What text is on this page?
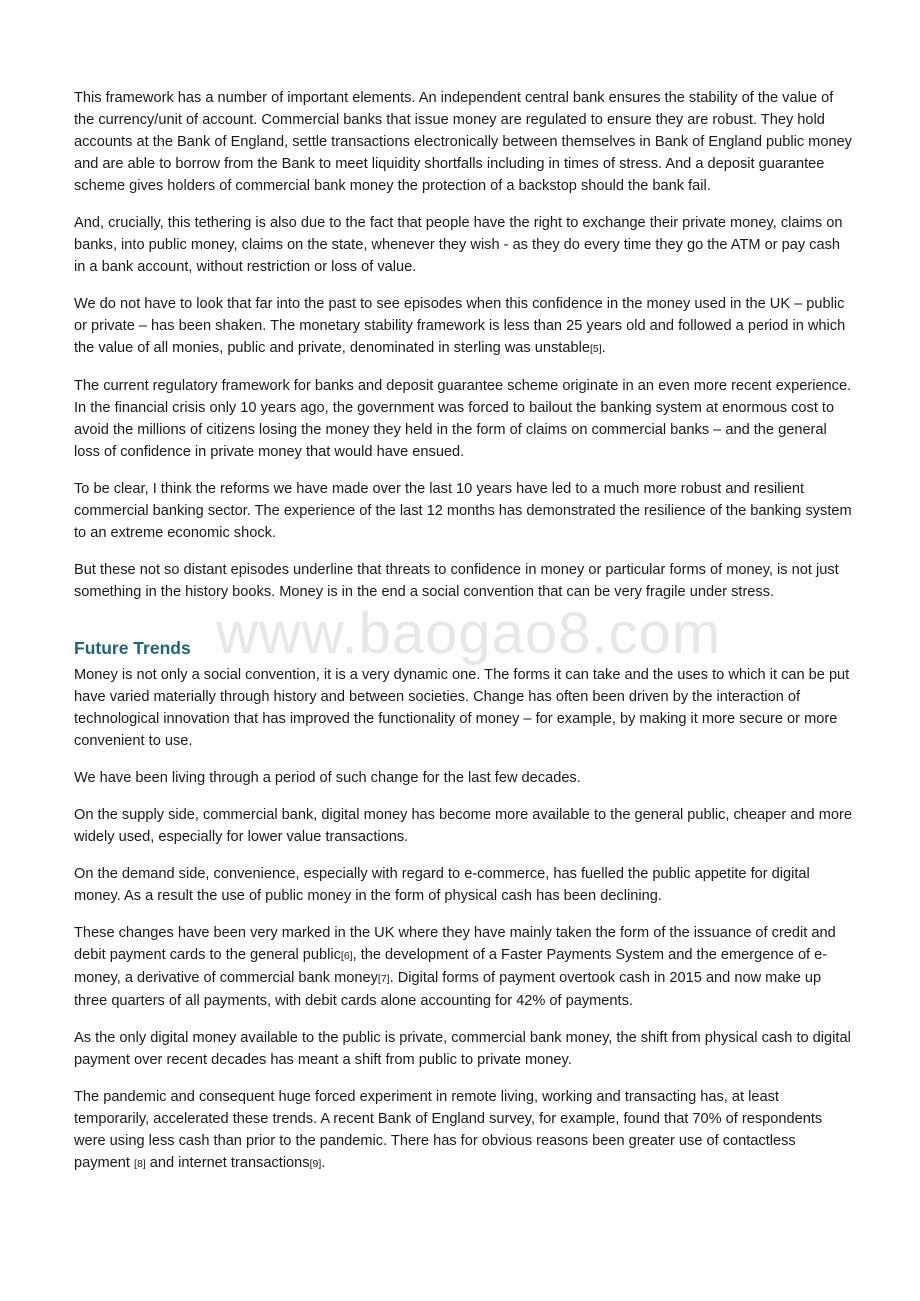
www.baogao8.com

This framework has a number of important elements. An independent central bank ensures the stability of the value of the currency/unit of account. Commercial banks that issue money are regulated to ensure they are robust. They hold accounts at the Bank of England, settle transactions electronically between themselves in Bank of England public money and are able to borrow from the Bank to meet liquidity shortfalls including in times of stress. And a deposit guarantee scheme gives holders of commercial bank money the protection of a backstop should the bank fail.

And, crucially, this tethering is also due to the fact that people have the right to exchange their private money, claims on banks, into public money, claims on the state, whenever they wish - as they do every time they go the ATM or pay cash in a bank account, without restriction or loss of value.

We do not have to look that far into the past to see episodes when this confidence in the money used in the UK – public or private – has been shaken. The monetary stability framework is less than 25 years old and followed a period in which the value of all monies, public and private, denominated in sterling was unstable[5].

The current regulatory framework for banks and deposit guarantee scheme originate in an even more recent experience. In the financial crisis only 10 years ago, the government was forced to bailout the banking system at enormous cost to avoid the millions of citizens losing the money they held in the form of claims on commercial banks – and the general loss of confidence in private money that would have ensued.

To be clear, I think the reforms we have made over the last 10 years have led to a much more robust and resilient commercial banking sector. The experience of the last 12 months has demonstrated the resilience of the banking system to an extreme economic shock.

But these not so distant episodes underline that threats to confidence in money or particular forms of money, is not just something in the history books. Money is in the end a social convention that can be very fragile under stress.

Future Trends

Money is not only a social convention, it is a very dynamic one. The forms it can take and the uses to which it can be put have varied materially through history and between societies. Change has often been driven by the interaction of technological innovation that has improved the functionality of money – for example, by making it more secure or more convenient to use.

We have been living through a period of such change for the last few decades.

On the supply side, commercial bank, digital money has become more available to the general public, cheaper and more widely used, especially for lower value transactions.

On the demand side, convenience, especially with regard to e-commerce, has fuelled the public appetite for digital money. As a result the use of public money in the form of physical cash has been declining.

These changes have been very marked in the UK where they have mainly taken the form of the issuance of credit and debit payment cards to the general public[6], the development of a Faster Payments System and the emergence of e-money, a derivative of commercial bank money[7]. Digital forms of payment overtook cash in 2015 and now make up three quarters of all payments, with debit cards alone accounting for 42% of payments.

As the only digital money available to the public is private, commercial bank money, the shift from physical cash to digital payment over recent decades has meant a shift from public to private money.

The pandemic and consequent huge forced experiment in remote living, working and transacting has, at least temporarily, accelerated these trends. A recent Bank of England survey, for example, found that 70% of respondents were using less cash than prior to the pandemic. There has for obvious reasons been greater use of contactless payment [8] and internet transactions[9].
